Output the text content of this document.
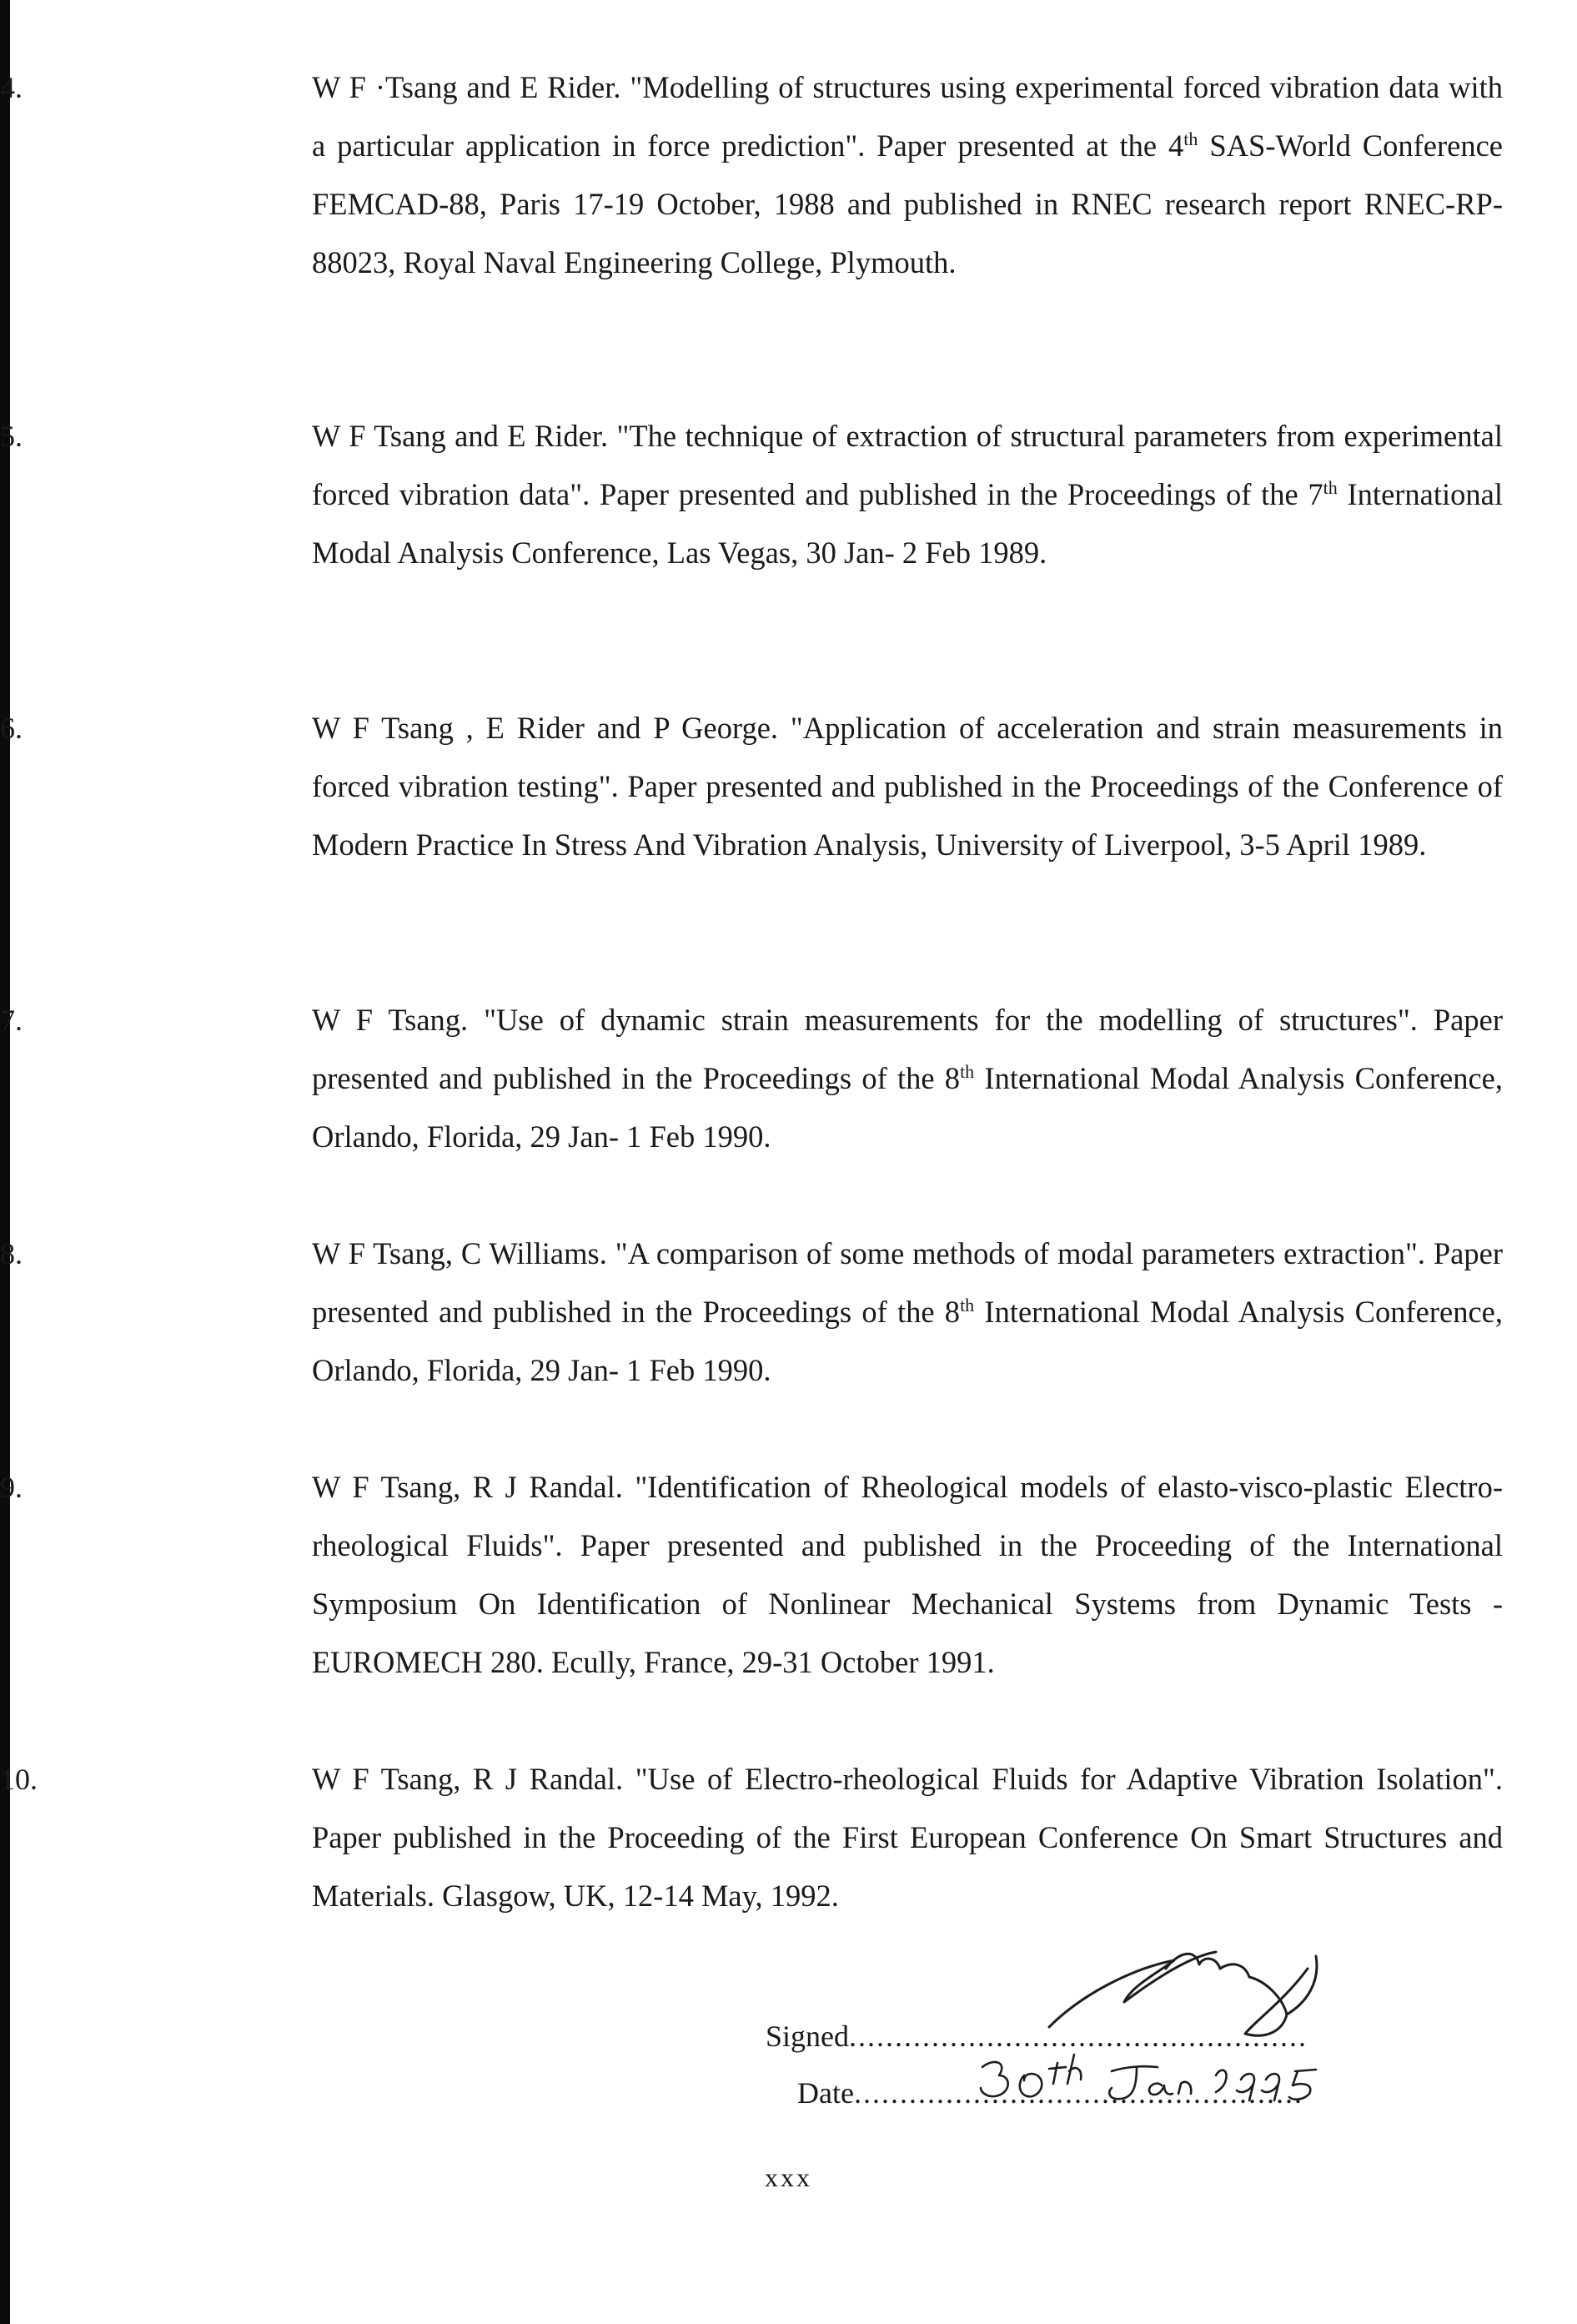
4.	W F ·Tsang and E Rider. "Modelling of structures using experimental forced vibration data with a particular application in force prediction". Paper presented at the 4th SAS-World Conference FEMCAD-88, Paris 17-19 October, 1988 and published in RNEC research report RNEC-RP-88023, Royal Naval Engineering College, Plymouth.
5.	W F Tsang and E Rider. "The technique of extraction of structural parameters from experimental forced vibration data". Paper presented and published in the Proceedings of the 7th International Modal Analysis Conference, Las Vegas, 30 Jan- 2 Feb 1989.
6.	W F Tsang , E Rider and P George. "Application of acceleration and strain measurements in forced vibration testing". Paper presented and published in the Proceedings of the Conference of Modern Practice In Stress And Vibration Analysis, University of Liverpool, 3-5 April 1989.
7.	W F Tsang. "Use of dynamic strain measurements for the modelling of structures". Paper presented and published in the Proceedings of the 8th International Modal Analysis Conference, Orlando, Florida, 29 Jan- 1 Feb 1990.
8.	W F Tsang, C Williams. "A comparison of some methods of modal parameters extraction". Paper presented and published in the Proceedings of the 8th International Modal Analysis Conference, Orlando, Florida, 29 Jan- 1 Feb 1990.
9.	W F Tsang, R J Randal. "Identification of Rheological models of elasto-visco-plastic Electro-rheological Fluids". Paper presented and published in the Proceeding of the International Symposium On Identification of Nonlinear Mechanical Systems from Dynamic Tests - EUROMECH 280. Ecully, France, 29-31 October 1991.
10.	W F Tsang, R J Randal. "Use of Electro-rheological Fluids for Adaptive Vibration Isolation". Paper published in the Proceeding of the First European Conference On Smart Structures and Materials. Glasgow, UK, 12-14 May, 1992.
Signed..................................................
Date.................................................
xxx
